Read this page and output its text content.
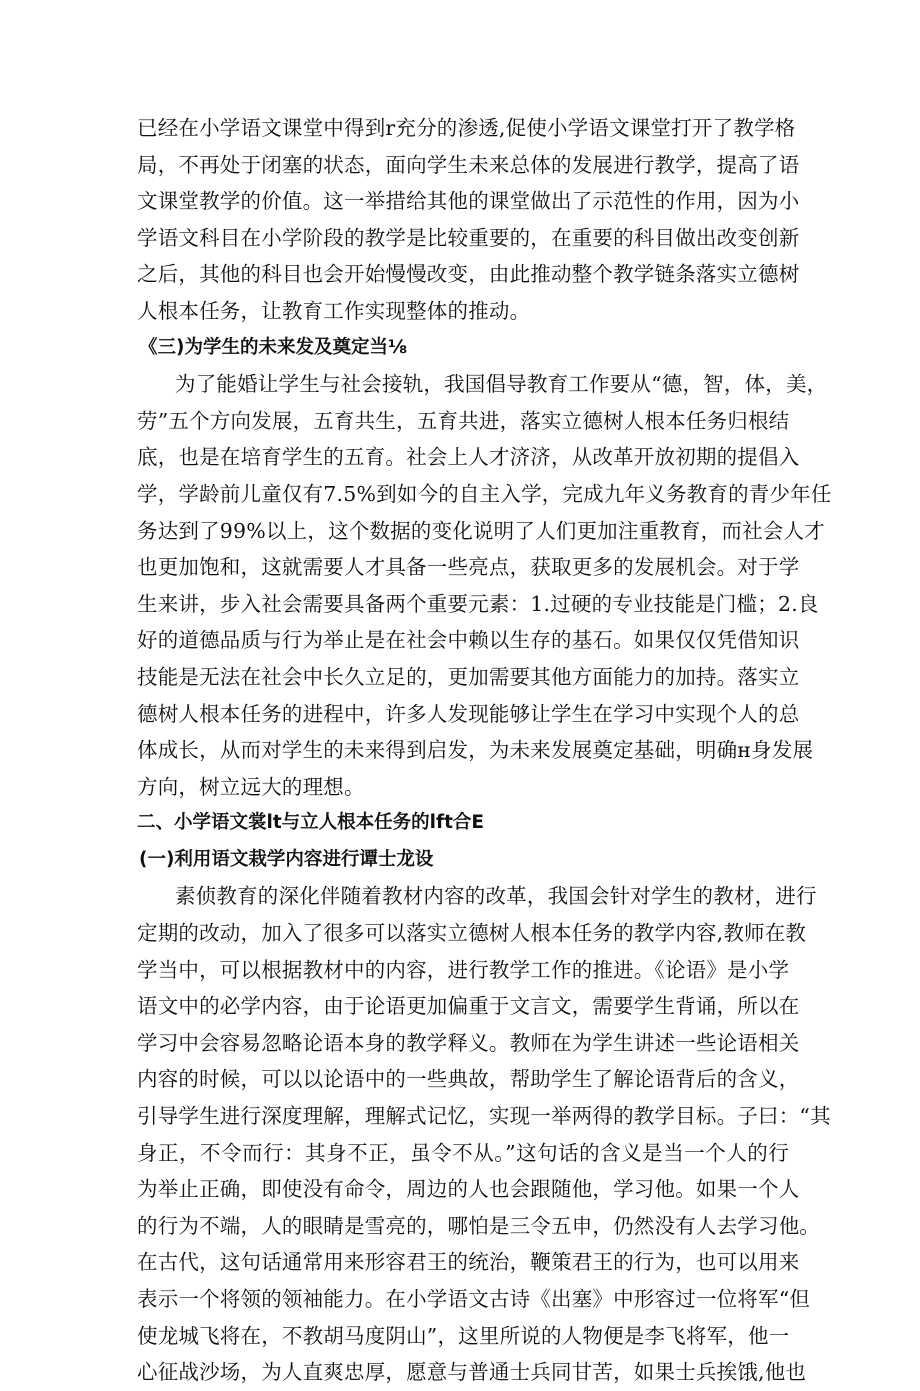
已经在小学语文课堂中得到r充分的渗透,促使小学语文课堂打开了教学格
局，不再处于闭塞的状态，面向学生未来总体的发展进行教学，提高了语
文课堂教学的价值。这一举措给其他的课堂做出了示范性的作用，因为小
学语文科目在小学阶段的教学是比较重要的，在重要的科目做出改变创新
之后，其他的科目也会开始慢慢改变，由此推动整个教学链条落实立德树
人根本任务，让教育工作实现整体的推动。
《三)为学生的未来发及奠定当⅛
为了能婚让学生与社会接轨，我国倡导教育工作要从“德，智，体，美，
劳”五个方向发展，五育共生，五育共进，落实立德树人根本任务归根结
底，也是在培育学生的五育。社会上人才济济，从改革开放初期的提倡入
学，学龄前儿童仅有7.5%到如今的自主入学，完成九年义务教育的青少年任
务达到了99%以上，这个数据的变化说明了人们更加注重教育，而社会人才
也更加饱和，这就需要人才具备一些亮点，获取更多的发展机会。对于学
生来讲，步入社会需要具备两个重要元素：1.过硬的专业技能是门槛；2.良
好的道德品质与行为举止是在社会中赖以生存的基石。如果仅仅凭借知识
技能是无法在社会中长久立足的，更加需要其他方面能力的加持。落实立
德树人根本任务的进程中，许多人发现能够让学生在学习中实现个人的总
体成长，从而对学生的未来得到启发，为未来发展奠定基础，明确н身发展
方向，树立远大的理想。
二、小学语文裳lt与立人根本任务的lft合E
(一)利用语文栽学内容进行谭士龙设
素侦教育的深化伴随着教材内容的改革，我国会针对学生的教材，进行
定期的改动，加入了很多可以落实立德树人根本任务的教学内容,教师在教
学当中，可以根据教材中的内容，进行教学工作的推进。《论语》是小学
语文中的必学内容，由于论语更加偏重于文言文，需要学生背诵，所以在
学习中会容易忽略论语本身的教学释义。教师在为学生讲述一些论语相关
内容的时候，可以以论语中的一些典故，帮助学生了解论语背后的含义，
引导学生进行深度理解，理解式记忆，实现一举两得的教学目标。子曰：“其
身正，不令而行：其身不正，虽令不从。”这句话的含义是当一个人的行
为举止正确，即使没有命令，周边的人也会跟随他，学习他。如果一个人
的行为不端，人的眼睛是雪亮的，哪怕是三令五申，仍然没有人去学习他。
在古代，这句话通常用来形容君王的统治，鞭策君王的行为，也可以用来
表示一个将领的领袖能力。在小学语文古诗《出塞》中形容过一位将军“但
使龙城飞将在，不教胡马度阴山”，这里所说的人物便是李飞将军，他一
心征战沙场，为人直爽忠厚，愿意与普通士兵同甘苦，如果士兵挨饿,他也
